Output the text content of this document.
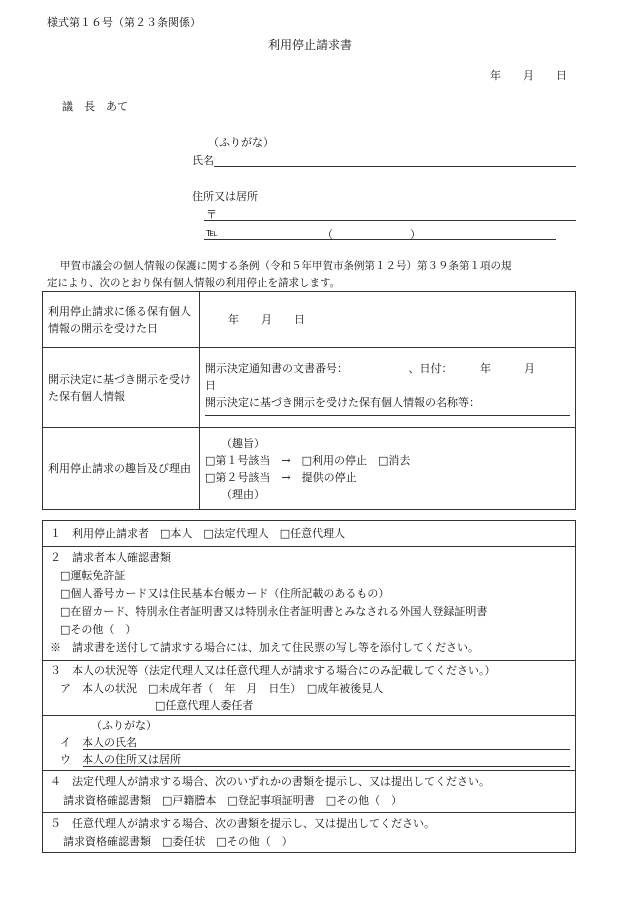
様式第１６号（第２３条関係）
利用停止請求書
年　　月　　日
議　長　あて
（ふりがな）
氏名
住所又は居所
〒
℡	（　　　　　　　）
甲賀市議会の個人情報の保護に関する条例（令和５年甲賀市条例第１２号）第３９条第１項の規
定により、次のとおり保有個人情報の利用停止を請求します。
利用停止請求に係る保有個人情報の開示を受けた日	年　　月　　日
開示決定に基づき開示を受けた保有個人情報	開示決定通知書の文書番号：　　　　　　、日付：　　　年　　　月
日
開示決定に基づき開示を受けた保有個人情報の名称等：

利用停止請求の趣旨及び理由	（趣旨）
□第１号該当　→　□利用の停止　□消去
□第２号該当　→　提供の停止
（理由）
１　利用停止請求者　□本人　□法定代理人　□任意代理人
２　請求者本人確認書類
□運転免許証
□個人番号カード又は住民基本台帳カード（住所記載のあるもの）
□在留カード、特別永住者証明書又は特別永住者証明書とみなされる外国人登録証明書
□その他（　）
※　請求書を送付して請求する場合には、加えて住民票の写し等を添付してください。
３　本人の状況等（法定代理人又は任意代理人が請求する場合にのみ記載してください。）
ア　本人の状況　□未成年者（　年　月　日生）　□成年被後見人
□任意代理人委任者
（ふりがな）
イ　本人の氏名
ウ　本人の住所又は居所
４　法定代理人が請求する場合、次のいずれかの書類を提示し、又は提出してください。
請求資格確認書類　□戸籍謄本　□登記事項証明書　□その他（　）
５　任意代理人が請求する場合、次の書類を提示し、又は提出してください。
請求資格確認書類　□委任状　□その他（　）
